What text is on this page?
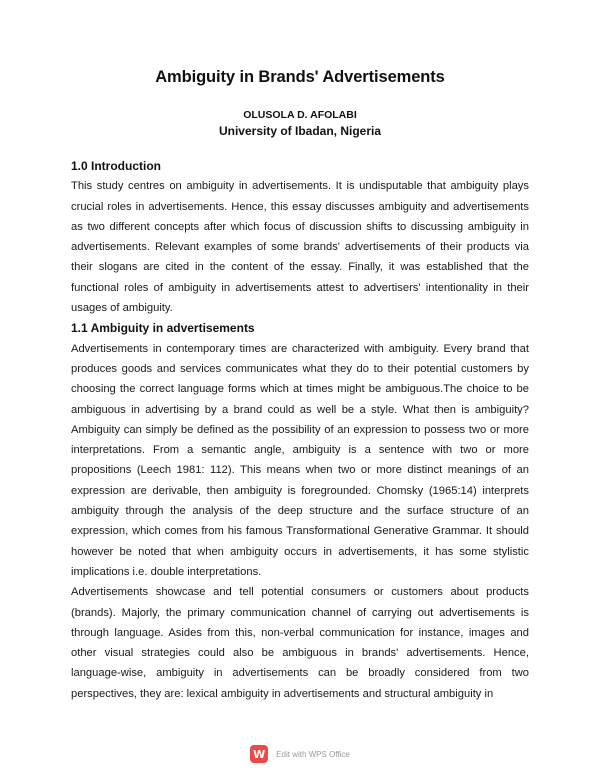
Ambiguity in Brands' Advertisements
OLUSOLA D. AFOLABI
University of Ibadan, Nigeria

1.0 Introduction

This study centres on ambiguity in advertisements. It is undisputable that ambiguity plays crucial roles in advertisements. Hence, this essay discusses ambiguity and advertisements as two different concepts after which focus of discussion shifts to discussing ambiguity in advertisements. Relevant examples of some brands' advertisements of their products via their slogans are cited in the content of the essay. Finally, it was established that the functional roles of ambiguity in advertisements attest to advertisers' intentionality in their usages of ambiguity.

1.1 Ambiguity in advertisements

Advertisements in contemporary times are characterized with ambiguity. Every brand that produces goods and services communicates what they do to their potential customers by choosing the correct language forms which at times might be ambiguous.The choice to be ambiguous in advertising by a brand could as well be a style. What then is ambiguity? Ambiguity can simply be defined as the possibility of an expression to possess two or more interpretations. From a semantic angle, ambiguity is a sentence with two or more propositions (Leech 1981: 112). This means when two or more distinct meanings of an expression are derivable, then ambiguity is foregrounded. Chomsky (1965:14) interprets ambiguity through the analysis of the deep structure and the surface structure of an expression, which comes from his famous Transformational Generative Grammar. It should however be noted that when ambiguity occurs in advertisements, it has some stylistic implications i.e. double interpretations.

Advertisements showcase and tell potential consumers or customers about products (brands). Majorly, the primary communication channel of carrying out advertisements is through language. Asides from this, non-verbal communication for instance, images and other visual strategies could also be ambiguous in brands' advertisements. Hence, language-wise, ambiguity in advertisements can be broadly considered from two perspectives, they are: lexical ambiguity in advertisements and structural ambiguity in

W	Edit with WPS Office
